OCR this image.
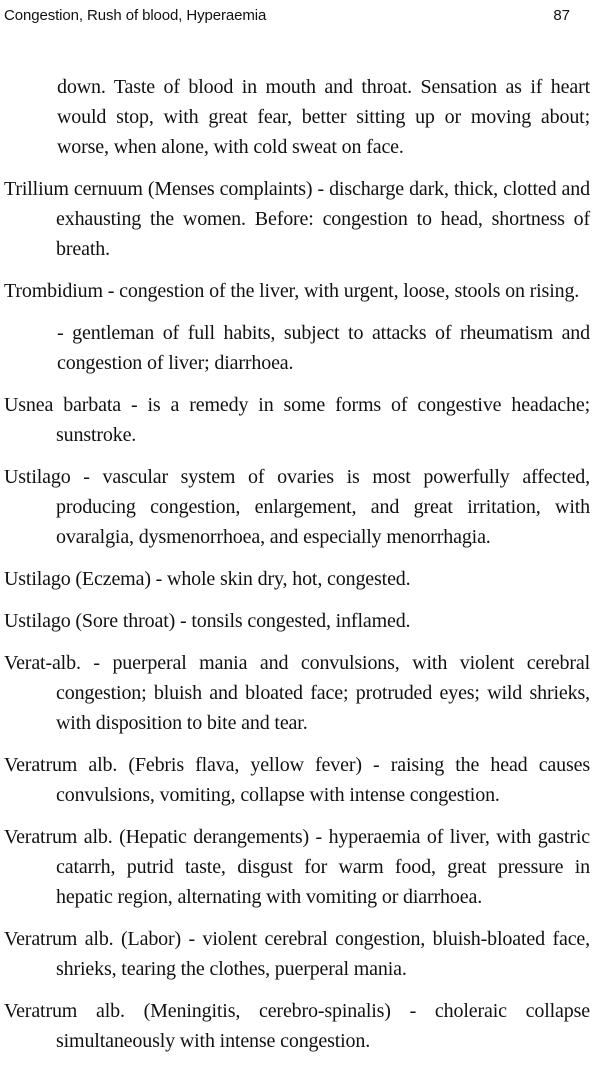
Congestion, Rush of blood, Hyperaemia	87

down. Taste of blood in mouth and throat. Sensation as if heart would stop, with great fear, better sitting up or moving about; worse, when alone, with cold sweat on face.

Trillium cernuum (Menses complaints) - discharge dark, thick, clotted and exhausting the women. Before: congestion to head, shortness of breath.

Trombidium - congestion of the liver, with urgent, loose, stools on rising.

- gentleman of full habits, subject to attacks of rheumatism and congestion of liver; diarrhoea.

Usnea barbata - is a remedy in some forms of congestive headache; sunstroke.

Ustilago - vascular system of ovaries is most powerfully affected, producing congestion, enlargement, and great irritation, with ovaralgia, dysmenorrhoea, and especially menorrhagia.

Ustilago (Eczema) - whole skin dry, hot, congested.

Ustilago (Sore throat) - tonsils congested, inflamed.

Verat-alb. - puerperal mania and convulsions, with violent cerebral congestion; bluish and bloated face; protruded eyes; wild shrieks, with disposition to bite and tear.

Veratrum alb. (Febris flava, yellow fever) - raising the head causes convulsions, vomiting, collapse with intense congestion.

Veratrum alb. (Hepatic derangements) - hyperaemia of liver, with gastric catarrh, putrid taste, disgust for warm food, great pressure in hepatic region, alternating with vomiting or diarrhoea.

Veratrum alb. (Labor) - violent cerebral congestion, bluish-bloated face, shrieks, tearing the clothes, puerperal mania.

Veratrum alb. (Meningitis, cerebro-spinalis) - choleraic collapse simultaneously with intense congestion.
